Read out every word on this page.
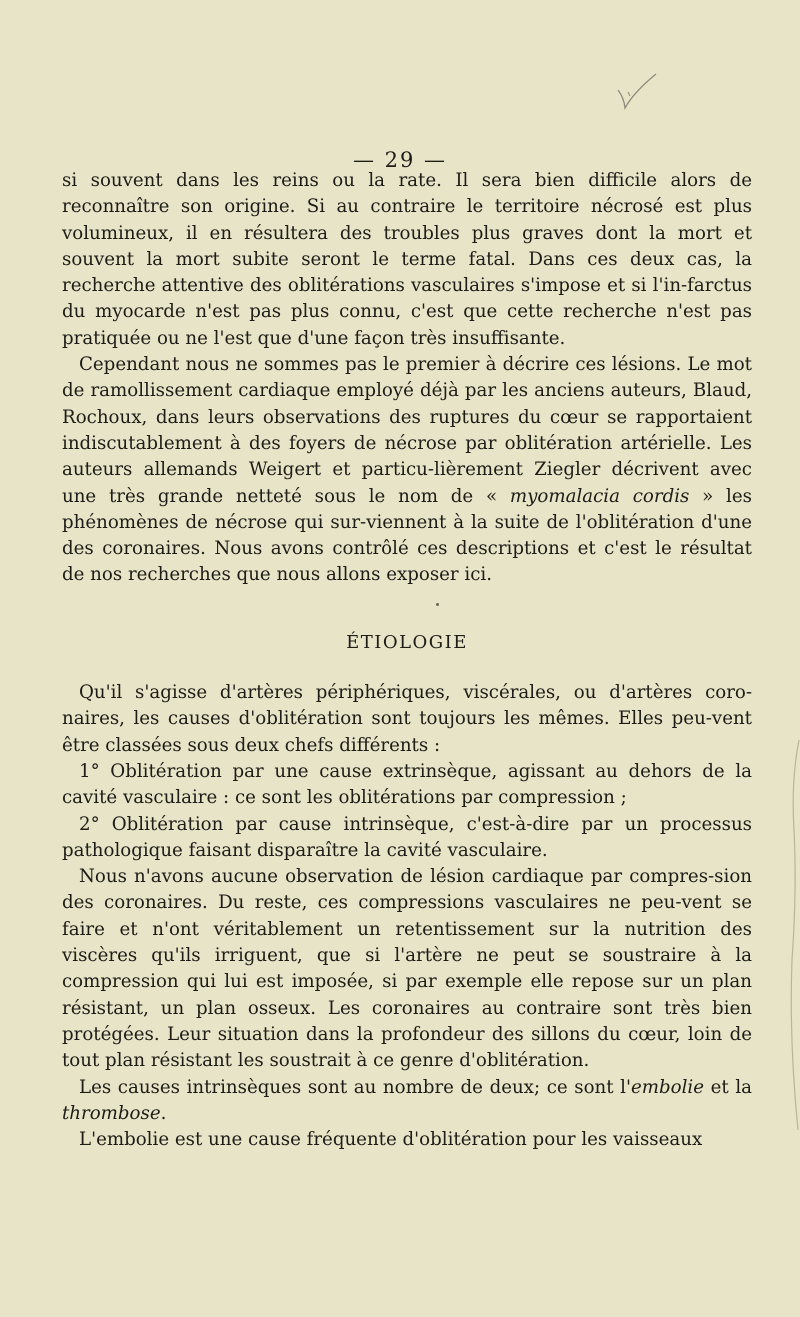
— 29 —

si souvent dans les reins ou la rate. Il sera bien difficile alors de reconnaître son origine. Si au contraire le territoire nécrosé est plus volumineux, il en résultera des troubles plus graves dont la mort et souvent la mort subite seront le terme fatal. Dans ces deux cas, la recherche attentive des oblitérations vasculaires s'impose et si l'in-farctus du myocarde n'est pas plus connu, c'est que cette recherche n'est pas pratiquée ou ne l'est que d'une façon très insuffisante.

Cependant nous ne sommes pas le premier à décrire ces lésions. Le mot de ramollissement cardiaque employé déjà par les anciens auteurs, Blaud, Rochoux, dans leurs observations des ruptures du cœur se rapportaient indiscutablement à des foyers de nécrose par oblitération artérielle. Les auteurs allemands Weigert et particu-lièrement Ziegler décrivent avec une très grande netteté sous le nom de « myomalacia cordis » les phénomènes de nécrose qui sur-viennent à la suite de l'oblitération d'une des coronaires. Nous avons contrôlé ces descriptions et c'est le résultat de nos recherches que nous allons exposer ici.

ÉTIOLOGIE

Qu'il s'agisse d'artères périphériques, viscérales, ou d'artères coro-naires, les causes d'oblitération sont toujours les mêmes. Elles peu-vent être classées sous deux chefs différents :

1° Oblitération par une cause extrinsèque, agissant au dehors de la cavité vasculaire : ce sont les oblitérations par compression ;

2° Oblitération par cause intrinsèque, c'est-à-dire par un processus pathologique faisant disparaître la cavité vasculaire.

Nous n'avons aucune observation de lésion cardiaque par compres-sion des coronaires. Du reste, ces compressions vasculaires ne peu-vent se faire et n'ont véritablement un retentissement sur la nutrition des viscères qu'ils irriguent, que si l'artère ne peut se soustraire à la compression qui lui est imposée, si par exemple elle repose sur un plan résistant, un plan osseux. Les coronaires au contraire sont très bien protégées. Leur situation dans la profondeur des sillons du cœur, loin de tout plan résistant les soustrait à ce genre d'oblitération.

Les causes intrinsèques sont au nombre de deux; ce sont l'embolie et la thrombose.

L'embolie est une cause fréquente d'oblitération pour les vaisseaux
